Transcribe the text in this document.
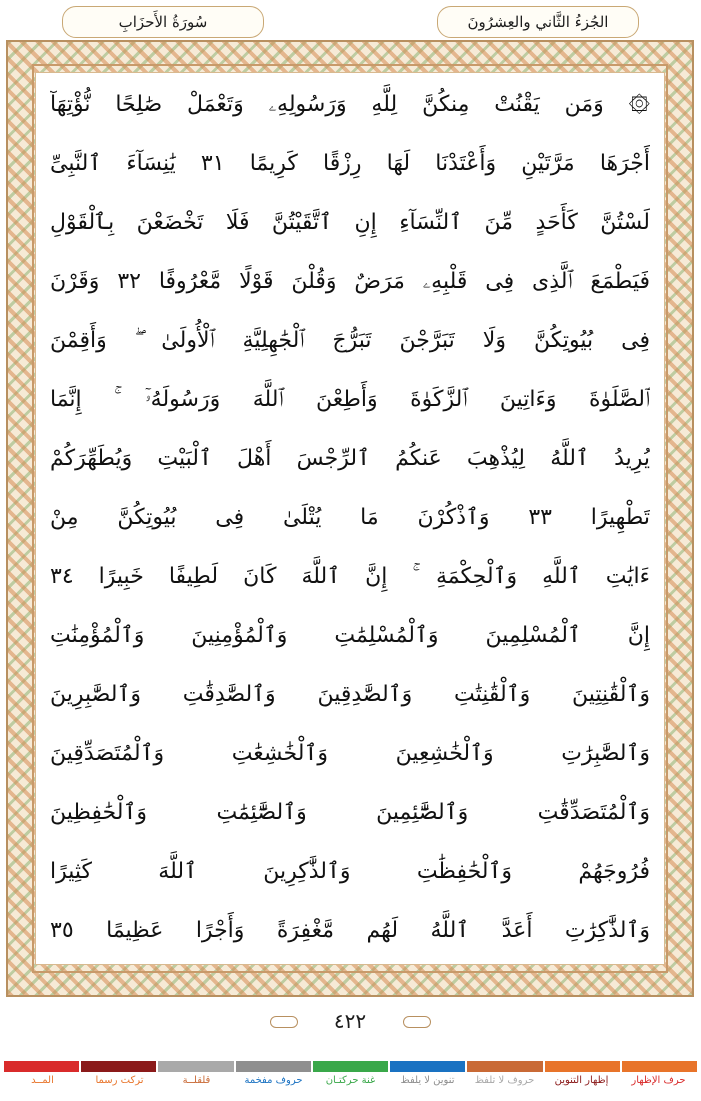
سُورَةُ الأَحزَابِ	الجُزءُ الثَّاني والعِشرُونَ
۞ وَمَن يَقْنُتْ مِنكُنَّ لِلَّهِ وَرَسُولِهِۦ وَتَعْمَلْ صَٰلِحًا نُّؤْتِهَآ
أَجْرَهَا مَرَّتَيْنِ وَأَعْتَدْنَا لَهَا رِزْقًا كَرِيمًا ٣١ يَٰنِسَآءَ ٱلنَّبِىِّ
لَسْتُنَّ كَأَحَدٍ مِّنَ ٱلنِّسَآءِ إِنِ ٱتَّقَيْتُنَّ فَلَا تَخْضَعْنَ بِٱلْقَوْلِ
فَيَطْمَعَ ٱلَّذِى فِى قَلْبِهِۦ مَرَضٌ وَقُلْنَ قَوْلًا مَّعْرُوفًا ٣٢ وَقَرْنَ
فِى بُيُوتِكُنَّ وَلَا تَبَرَّجْنَ تَبَرُّجَ ٱلْجَٰهِلِيَّةِ ٱلْأُولَىٰ ۖ وَأَقِمْنَ
ٱلصَّلَوٰةَ وَءَاتِينَ ٱلزَّكَوٰةَ وَأَطِعْنَ ٱللَّهَ وَرَسُولَهُۥٓ ۚ إِنَّمَا
يُرِيدُ ٱللَّهُ لِيُذْهِبَ عَنكُمُ ٱلرِّجْسَ أَهْلَ ٱلْبَيْتِ وَيُطَهِّرَكُمْ
تَطْهِيرًا ٣٣ وَٱذْكُرْنَ مَا يُتْلَىٰ فِى بُيُوتِكُنَّ مِنْ
ءَايَٰتِ ٱللَّهِ وَٱلْحِكْمَةِ ۚ إِنَّ ٱللَّهَ كَانَ لَطِيفًا خَبِيرًا ٣٤
إِنَّ ٱلْمُسْلِمِينَ وَٱلْمُسْلِمَٰتِ وَٱلْمُؤْمِنِينَ وَٱلْمُؤْمِنَٰتِ
وَٱلْقَٰنِتِينَ وَٱلْقَٰنِتَٰتِ وَٱلصَّٰدِقِينَ وَٱلصَّٰدِقَٰتِ وَٱلصَّٰبِرِينَ
وَٱلصَّٰبِرَٰتِ وَٱلْخَٰشِعِينَ وَٱلْخَٰشِعَٰتِ وَٱلْمُتَصَدِّقِينَ
وَٱلْمُتَصَدِّقَٰتِ وَٱلصَّٰٓئِمِينَ وَٱلصَّٰٓئِمَٰتِ وَٱلْحَٰفِظِينَ
فُرُوجَهُمْ وَٱلْحَٰفِظَٰتِ وَٱلذَّٰكِرِينَ ٱللَّهَ كَثِيرًا
وَٱلذَّٰكِرَٰتِ أَعَدَّ ٱللَّهُ لَهُم مَّغْفِرَةً وَأَجْرًا عَظِيمًا ٣٥
٤٢٢
المــد	تركت رسما	قلقلــة	حروف مفخمة	غنة حركتـان	تنوين لا يلفظ	حروف لا تلفظ	إظهار التنوين	حرف الإظهار
